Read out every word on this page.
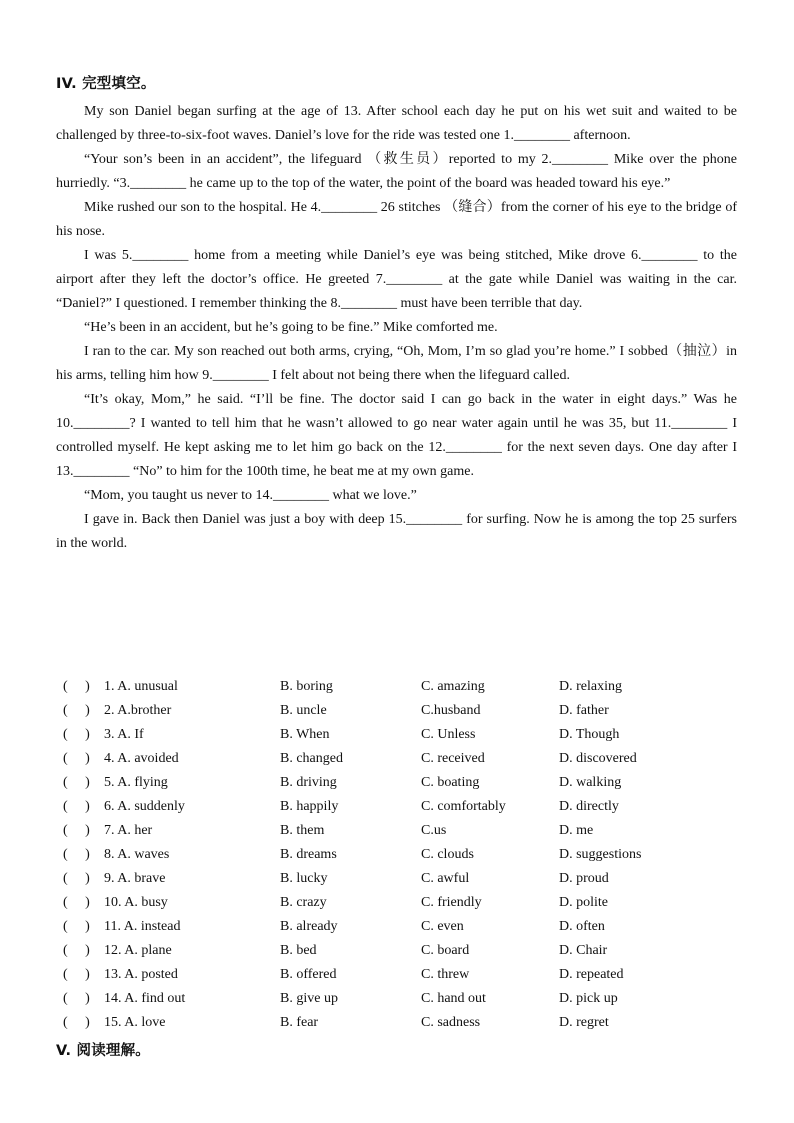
IV. 完型填空。

My son Daniel began surfing at the age of 13. After school each day he put on his wet suit and waited to be challenged by three-to-six-foot waves. Daniel’s love for the ride was tested one 1.________ afternoon.

“Your son’s been in an accident”, the lifeguard （救生员）reported to my 2.________ Mike over the phone hurriedly. “3.________ he came up to the top of the water, the point of the board was headed toward his eye.”

Mike rushed our son to the hospital. He 4.________ 26 stitches （缝合）from the corner of his eye to the bridge of his nose.

I was 5.________ home from a meeting while Daniel’s eye was being stitched, Mike drove 6.________ to the airport after they left the doctor’s office. He greeted 7.________ at the gate while Daniel was waiting in the car. “Daniel?” I questioned. I remember thinking the 8.________ must have been terrible that day.

“He’s been in an accident, but he’s going to be fine.” Mike comforted me.

I ran to the car. My son reached out both arms, crying, “Oh, Mom, I’m so glad you’re home.” I sobbed（抽泣）in his arms, telling him how 9.________ I felt about not being there when the lifeguard called.

“It’s okay, Mom,” he said. “I’ll be fine. The doctor said I can go back in the water in eight days.” Was he 10.________? I wanted to tell him that he wasn’t allowed to go near water again until he was 35, but 11.________ I controlled myself. He kept asking me to let him go back on the 12.________ for the next seven days. One day after I 13.________ “No” to him for the 100th time, he beat me at my own game.

“Mom, you taught us never to 14.________ what we love.”

I gave in. Back then Daniel was just a boy with deep 15.________ for surfing. Now he is among the top 25 surfers in the world.

(　 ) 1. A. unusual	B. boring	C. amazing	D. relaxing
(　 ) 2. A.brother	B. uncle	C.husband	D. father
(　 ) 3. A. If	B. When	C. Unless	D. Though
(　 ) 4. A. avoided	B. changed	C. received	D. discovered
(　 ) 5. A. flying	B. driving	C. boating	D. walking
(　 ) 6. A. suddenly	B. happily	C. comfortably	D. directly
(　 ) 7. A. her	B. them	C.us	D. me
(　 ) 8. A. waves	B. dreams	C. clouds	D. suggestions
(　 ) 9. A. brave	B. lucky	C. awful	D. proud
(　 ) 10. A. busy	B. crazy	C. friendly	D. polite
(　 ) 11. A. instead	B. already	C. even	D. often
(　 ) 12. A. plane	B. bed	C. board	D. Chair
(　 ) 13. A. posted	B. offered	C. threw	D. repeated
(　 ) 14. A. find out	B. give up	C. hand out	D. pick up
(　 ) 15. A. love	B. fear	C. sadness	D. regret
V. 阅读理解。
